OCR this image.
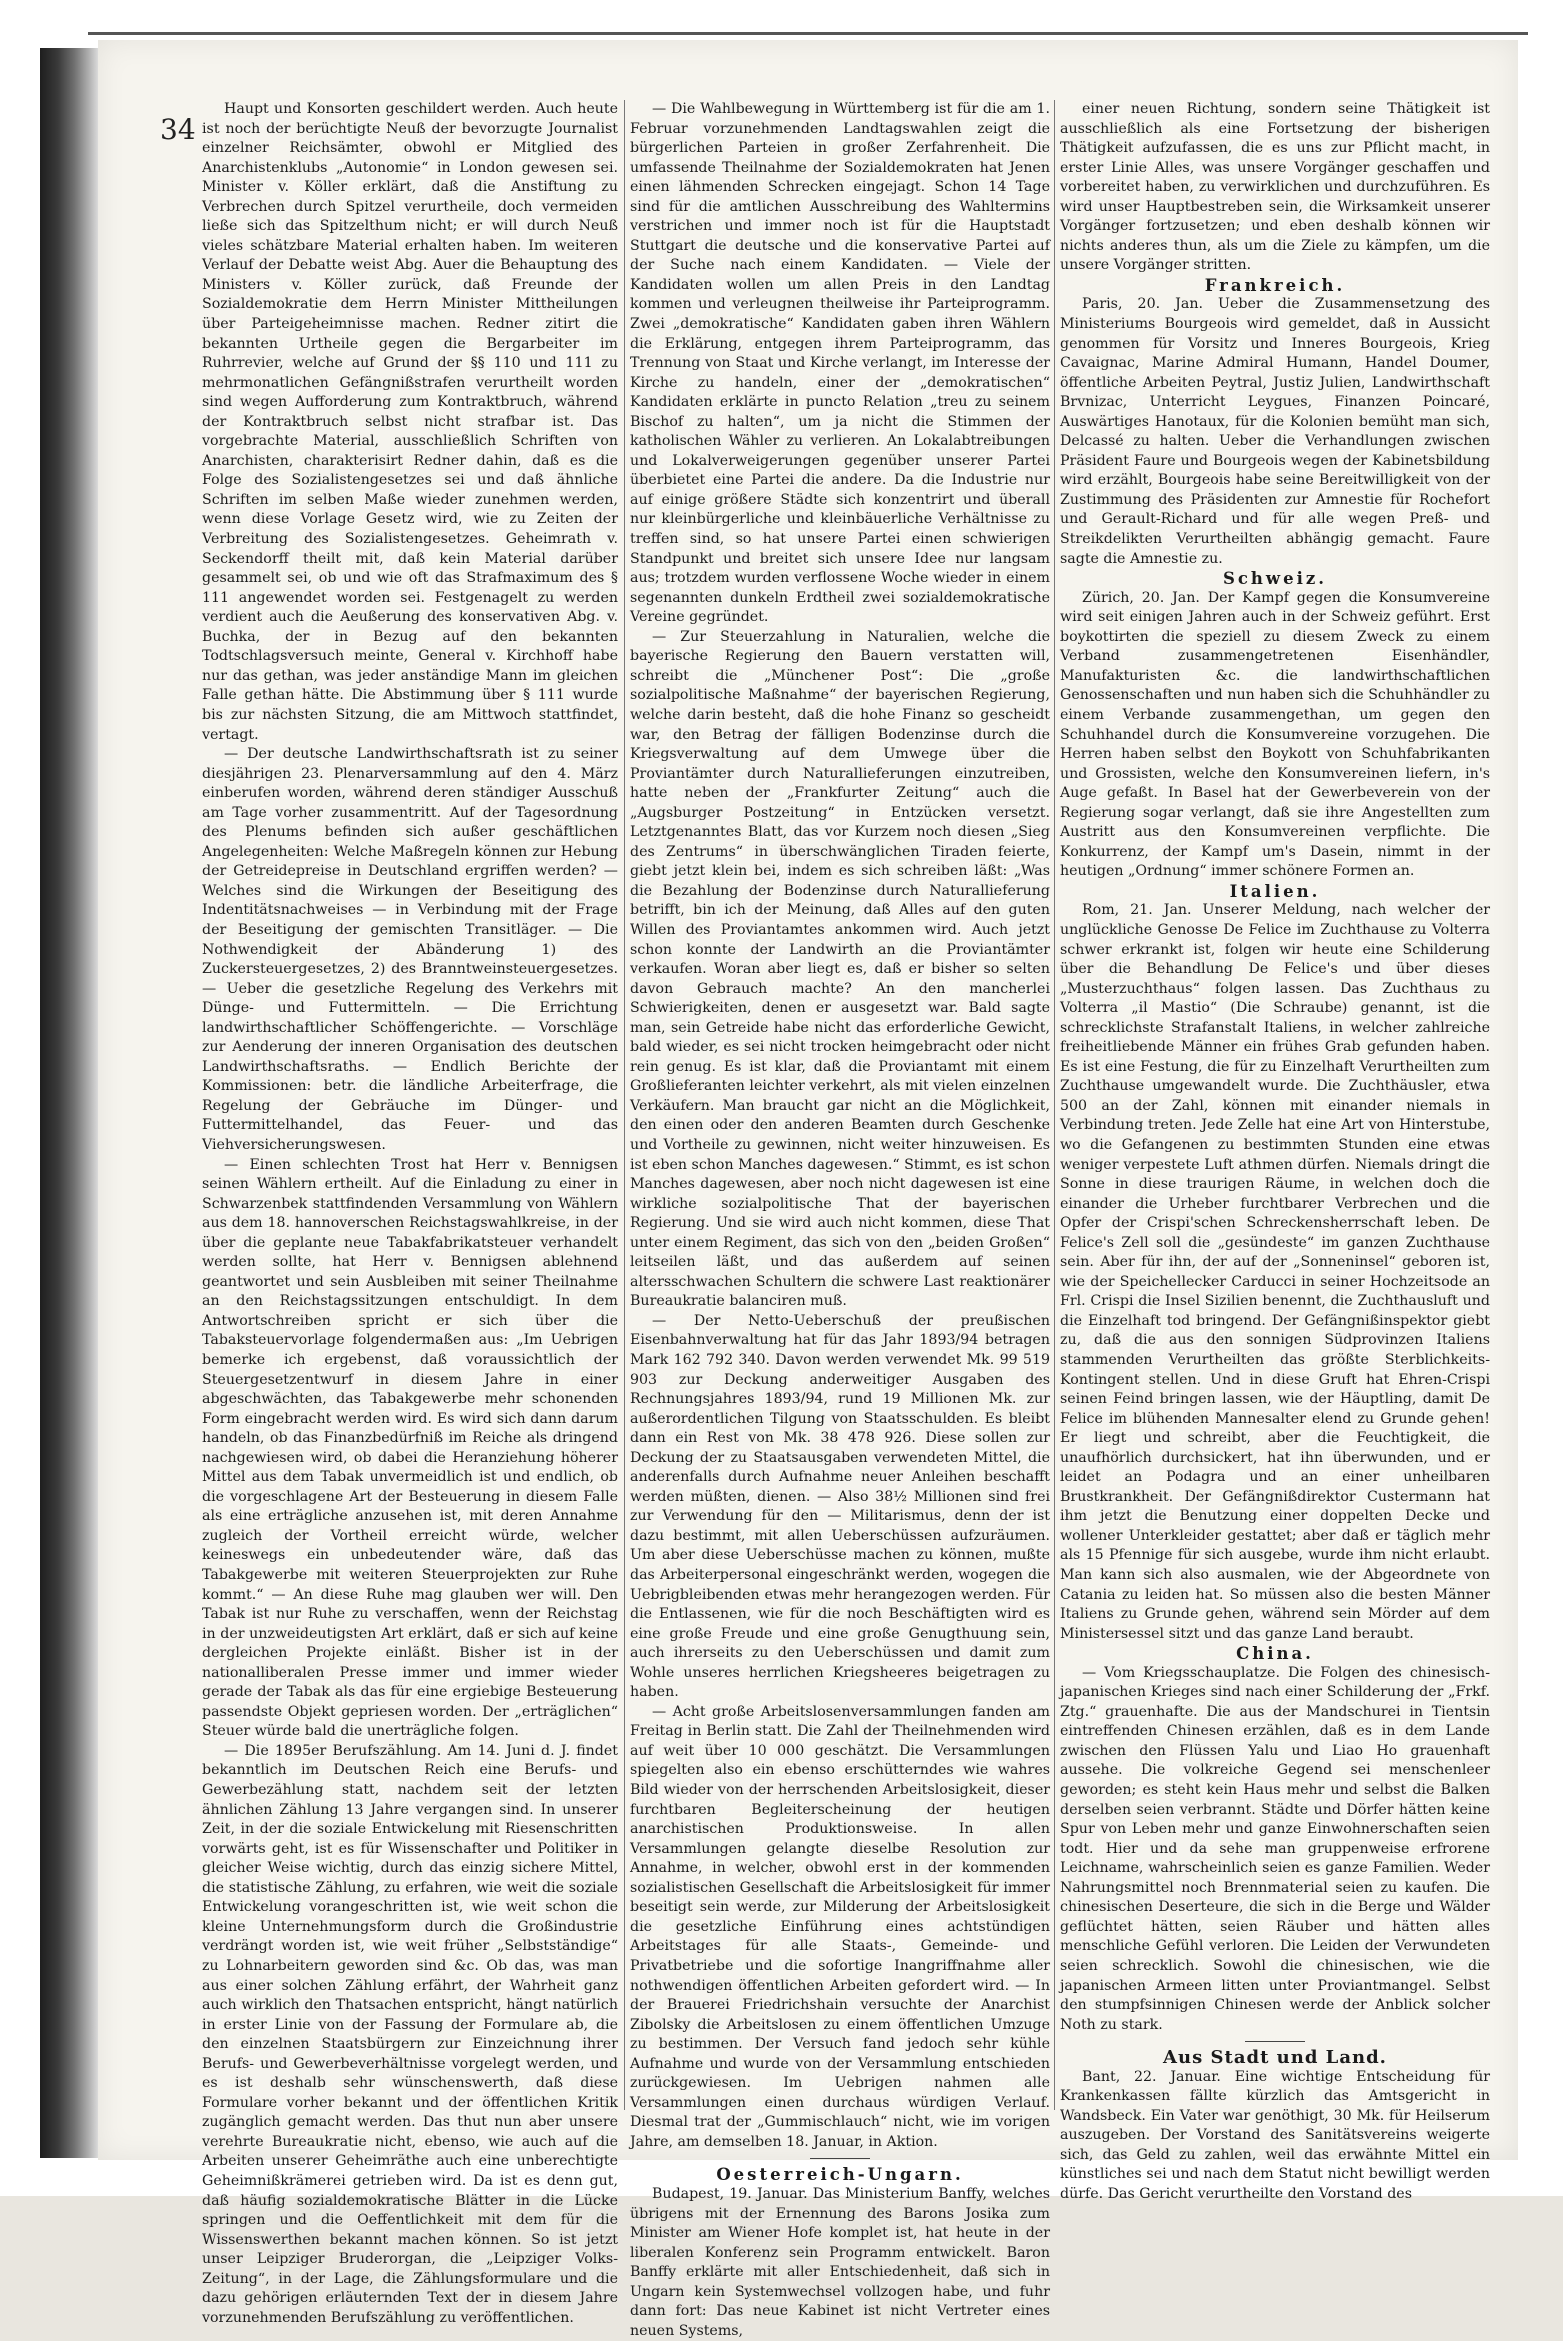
34

Haupt und Konsorten geschildert werden. Auch heute ist noch der berüchtigte Neuß der bevorzugte Journalist einzelner Reichsämter, obwohl er Mitglied des Anarchistenklubs „Autonomie“ in London gewesen sei. Minister v. Köller erklärt, daß die Anstiftung zu Verbrechen durch Spitzel verurtheile, doch vermeiden ließe sich das Spitzelthum nicht; er will durch Neuß vieles schätzbare Material erhalten haben. Im weiteren Verlauf der Debatte weist Abg. Auer die Behauptung des Ministers v. Köller zurück, daß Freunde der Sozialdemokratie dem Herrn Minister Mittheilungen über Parteigeheimnisse machen. Redner zitirt die bekannten Urtheile gegen die Bergarbeiter im Ruhrrevier, welche auf Grund der §§ 110 und 111 zu mehrmonatlichen Gefängnißstrafen verurtheilt worden sind wegen Aufforderung zum Kontraktbruch, während der Kontraktbruch selbst nicht strafbar ist. Das vorgebrachte Material, ausschließlich Schriften von Anarchisten, charakterisirt Redner dahin, daß es die Folge des Sozialistengesetzes sei und daß ähnliche Schriften im selben Maße wieder zunehmen werden, wenn diese Vorlage Gesetz wird, wie zu Zeiten der Verbreitung des Sozialistengesetzes. Geheimrath v. Seckendorff theilt mit, daß kein Material darüber gesammelt sei, ob und wie oft das Strafmaximum des § 111 angewendet worden sei. Festgenagelt zu werden verdient auch die Aeußerung des konservativen Abg. v. Buchka, der in Bezug auf den bekannten Todtschlagsversuch meinte, General v. Kirchhoff habe nur das gethan, was jeder anständige Mann im gleichen Falle gethan hätte. Die Abstimmung über § 111 wurde bis zur nächsten Sitzung, die am Mittwoch stattfindet, vertagt.

— Der deutsche Landwirthschaftsrath ist zu seiner diesjährigen 23. Plenarversammlung auf den 4. März einberufen worden, während deren ständiger Ausschuß am Tage vorher zusammentritt. Auf der Tagesordnung des Plenums befinden sich außer geschäftlichen Angelegenheiten: Welche Maßregeln können zur Hebung der Getreidepreise in Deutschland ergriffen werden? — Welches sind die Wirkungen der Beseitigung des Indentitätsnachweises — in Verbindung mit der Frage der Beseitigung der gemischten Transitläger. — Die Nothwendigkeit der Abänderung 1) des Zuckersteuergesetzes, 2) des Branntweinsteuergesetzes. — Ueber die gesetzliche Regelung des Verkehrs mit Dünge- und Futtermitteln. — Die Errichtung landwirthschaftlicher Schöffengerichte. — Vorschläge zur Aenderung der inneren Organisation des deutschen Landwirthschaftsraths. — Endlich Berichte der Kommissionen: betr. die ländliche Arbeiterfrage, die Regelung der Gebräuche im Dünger- und Futtermittelhandel, das Feuer- und das Viehversicherungswesen.

— Einen schlechten Trost hat Herr v. Bennigsen seinen Wählern ertheilt. Auf die Einladung zu einer in Schwarzenbek stattfindenden Versammlung von Wählern aus dem 18. hannoverschen Reichstagswahlkreise, in der über die geplante neue Tabakfabrikatsteuer verhandelt werden sollte, hat Herr v. Bennigsen ablehnend geantwortet und sein Ausbleiben mit seiner Theilnahme an den Reichstagssitzungen entschuldigt. In dem Antwortschreiben spricht er sich über die Tabaksteuervorlage folgendermaßen aus: „Im Uebrigen bemerke ich ergebenst, daß voraussichtlich der Steuergesetzentwurf in diesem Jahre in einer abgeschwächten, das Tabakgewerbe mehr schonenden Form eingebracht werden wird. Es wird sich dann darum handeln, ob das Finanzbedürfniß im Reiche als dringend nachgewiesen wird, ob dabei die Heranziehung höherer Mittel aus dem Tabak unvermeidlich ist und endlich, ob die vorgeschlagene Art der Besteuerung in diesem Falle als eine erträgliche anzusehen ist, mit deren Annahme zugleich der Vortheil erreicht würde, welcher keineswegs ein unbedeutender wäre, daß das Tabakgewerbe mit weiteren Steuerprojekten zur Ruhe kommt.“ — An diese Ruhe mag glauben wer will. Den Tabak ist nur Ruhe zu verschaffen, wenn der Reichstag in der unzweideutigsten Art erklärt, daß er sich auf keine dergleichen Projekte einläßt. Bisher ist in der nationalliberalen Presse immer und immer wieder gerade der Tabak als das für eine ergiebige Besteuerung passendste Objekt gepriesen worden. Der „erträglichen“ Steuer würde bald die unerträgliche folgen.

— Die 1895er Berufszählung. Am 14. Juni d. J. findet bekanntlich im Deutschen Reich eine Berufs- und Gewerbezählung statt, nachdem seit der letzten ähnlichen Zählung 13 Jahre vergangen sind. In unserer Zeit, in der die soziale Entwickelung mit Riesenschritten vorwärts geht, ist es für Wissenschafter und Politiker in gleicher Weise wichtig, durch das einzig sichere Mittel, die statistische Zählung, zu erfahren, wie weit die soziale Entwickelung vorangeschritten ist, wie weit schon die kleine Unternehmungsform durch die Großindustrie verdrängt worden ist, wie weit früher „Selbstständige“ zu Lohnarbeitern geworden sind &c. Ob das, was man aus einer solchen Zählung erfährt, der Wahrheit ganz auch wirklich den Thatsachen entspricht, hängt natürlich in erster Linie von der Fassung der Formulare ab, die den einzelnen Staatsbürgern zur Einzeichnung ihrer Berufs- und Gewerbeverhältnisse vorgelegt werden, und es ist deshalb sehr wünschenswerth, daß diese Formulare vorher bekannt und der öffentlichen Kritik zugänglich gemacht werden. Das thut nun aber unsere verehrte Bureaukratie nicht, ebenso, wie auch auf die Arbeiten unserer Geheimräthe auch eine unberechtigte Geheimnißkrämerei getrieben wird. Da ist es denn gut, daß häufig sozialdemokratische Blätter in die Lücke springen und die Oeffentlichkeit mit dem für die Wissenswerthen bekannt machen können. So ist jetzt unser Leipziger Bruderorgan, die „Leipziger Volks-Zeitung“, in der Lage, die Zählungsformulare und die dazu gehörigen erläuternden Text der in diesem Jahre vorzunehmenden Berufszählung zu veröffentlichen.

— Die Wahlbewegung in Württemberg ist für die am 1. Februar vorzunehmenden Landtagswahlen zeigt die bürgerlichen Parteien in großer Zerfahrenheit. Die umfassende Theilnahme der Sozialdemokraten hat Jenen einen lähmenden Schrecken eingejagt. Schon 14 Tage sind für die amtlichen Ausschreibung des Wahltermins verstrichen und immer noch ist für die Hauptstadt Stuttgart die deutsche und die konservative Partei auf der Suche nach einem Kandidaten. — Viele der Kandidaten wollen um allen Preis in den Landtag kommen und verleugnen theilweise ihr Parteiprogramm. Zwei „demokratische“ Kandidaten gaben ihren Wählern die Erklärung, entgegen ihrem Parteiprogramm, das Trennung von Staat und Kirche verlangt, im Interesse der Kirche zu handeln, einer der „demokratischen“ Kandidaten erklärte in puncto Relation „treu zu seinem Bischof zu halten“, um ja nicht die Stimmen der katholischen Wähler zu verlieren. An Lokalabtreibungen und Lokalverweigerungen gegenüber unserer Partei überbietet eine Partei die andere. Da die Industrie nur auf einige größere Städte sich konzentrirt und überall nur kleinbürgerliche und kleinbäuerliche Verhältnisse zu treffen sind, so hat unsere Partei einen schwierigen Standpunkt und breitet sich unsere Idee nur langsam aus; trotzdem wurden verflossene Woche wieder in einem segenannten dunkeln Erdtheil zwei sozialdemokratische Vereine gegründet.

— Zur Steuerzahlung in Naturalien, welche die bayerische Regierung den Bauern verstatten will, schreibt die „Münchener Post“: Die „große sozialpolitische Maßnahme“ der bayerischen Regierung, welche darin besteht, daß die hohe Finanz so gescheidt war, den Betrag der fälligen Bodenzinse durch die Kriegsverwaltung auf dem Umwege über die Proviantämter durch Naturallieferungen einzutreiben, hatte neben der „Frankfurter Zeitung“ auch die „Augsburger Postzeitung“ in Entzücken versetzt. Letztgenanntes Blatt, das vor Kurzem noch diesen „Sieg des Zentrums“ in überschwänglichen Tiraden feierte, giebt jetzt klein bei, indem es sich schreiben läßt: „Was die Bezahlung der Bodenzinse durch Naturallieferung betrifft, bin ich der Meinung, daß Alles auf den guten Willen des Proviantamtes ankommen wird. Auch jetzt schon konnte der Landwirth an die Proviantämter verkaufen. Woran aber liegt es, daß er bisher so selten davon Gebrauch machte? An den mancherlei Schwierigkeiten, denen er ausgesetzt war. Bald sagte man, sein Getreide habe nicht das erforderliche Gewicht, bald wieder, es sei nicht trocken heimgebracht oder nicht rein genug. Es ist klar, daß die Proviantamt mit einem Großlieferanten leichter verkehrt, als mit vielen einzelnen Verkäufern. Man braucht gar nicht an die Möglichkeit, den einen oder den anderen Beamten durch Geschenke und Vortheile zu gewinnen, nicht weiter hinzuweisen. Es ist eben schon Manches dagewesen.“ Stimmt, es ist schon Manches dagewesen, aber noch nicht dagewesen ist eine wirkliche sozialpolitische That der bayerischen Regierung. Und sie wird auch nicht kommen, diese That unter einem Regiment, das sich von den „beiden Großen“ leitseilen läßt, und das außerdem auf seinen altersschwachen Schultern die schwere Last reaktionärer Bureaukratie balanciren muß.

— Der Netto-Ueberschuß der preußischen Eisenbahnverwaltung hat für das Jahr 1893/94 betragen Mark 162 792 340. Davon werden verwendet Mk. 99 519 903 zur Deckung anderweitiger Ausgaben des Rechnungsjahres 1893/94, rund 19 Millionen Mk. zur außerordentlichen Tilgung von Staatsschulden. Es bleibt dann ein Rest von Mk. 38 478 926. Diese sollen zur Deckung der zu Staatsausgaben verwendeten Mittel, die anderenfalls durch Aufnahme neuer Anleihen beschafft werden müßten, dienen. — Also 38½ Millionen sind frei zur Verwendung für den — Militarismus, denn der ist dazu bestimmt, mit allen Ueberschüssen aufzuräumen. Um aber diese Ueberschüsse machen zu können, mußte das Arbeiterpersonal eingeschränkt werden, wogegen die Uebrigbleibenden etwas mehr herangezogen werden. Für die Entlassenen, wie für die noch Beschäftigten wird es eine große Freude und eine große Genugthuung sein, auch ihrerseits zu den Ueberschüssen und damit zum Wohle unseres herrlichen Kriegsheeres beigetragen zu haben.

— Acht große Arbeitslosenversammlungen fanden am Freitag in Berlin statt. Die Zahl der Theilnehmenden wird auf weit über 10 000 geschätzt. Die Versammlungen spiegelten also ein ebenso erschütterndes wie wahres Bild wieder von der herrschenden Arbeitslosigkeit, dieser furchtbaren Begleiterscheinung der heutigen anarchistischen Produktionsweise. In allen Versammlungen gelangte dieselbe Resolution zur Annahme, in welcher, obwohl erst in der kommenden sozialistischen Gesellschaft die Arbeitslosigkeit für immer beseitigt sein werde, zur Milderung der Arbeitslosigkeit die gesetzliche Einführung eines achtstündigen Arbeitstages für alle Staats-, Gemeinde- und Privatbetriebe und die sofortige Inangriffnahme aller nothwendigen öffentlichen Arbeiten gefordert wird. — In der Brauerei Friedrichshain versuchte der Anarchist Zibolsky die Arbeitslosen zu einem öffentlichen Umzuge zu bestimmen. Der Versuch fand jedoch sehr kühle Aufnahme und wurde von der Versammlung entschieden zurückgewiesen. Im Uebrigen nahmen alle Versammlungen einen durchaus würdigen Verlauf. Diesmal trat der „Gummischlauch“ nicht, wie im vorigen Jahre, am demselben 18. Januar, in Aktion.

Oesterreich-Ungarn.

Budapest, 19. Januar. Das Ministerium Banffy, welches übrigens mit der Ernennung des Barons Josika zum Minister am Wiener Hofe komplet ist, hat heute in der liberalen Konferenz sein Programm entwickelt. Baron Banffy erklärte mit aller Entschiedenheit, daß sich in Ungarn kein Systemwechsel vollzogen habe, und fuhr dann fort: Das neue Kabinet ist nicht Vertreter eines neuen Systems,

einer neuen Richtung, sondern seine Thätigkeit ist ausschließlich als eine Fortsetzung der bisherigen Thätigkeit aufzufassen, die es uns zur Pflicht macht, in erster Linie Alles, was unsere Vorgänger geschaffen und vorbereitet haben, zu verwirklichen und durchzuführen. Es wird unser Hauptbestreben sein, die Wirksamkeit unserer Vorgänger fortzusetzen; und eben deshalb können wir nichts anderes thun, als um die Ziele zu kämpfen, um die unsere Vorgänger stritten.

Frankreich.

Paris, 20. Jan. Ueber die Zusammensetzung des Ministeriums Bourgeois wird gemeldet, daß in Aussicht genommen für Vorsitz und Inneres Bourgeois, Krieg Cavaignac, Marine Admiral Humann, Handel Doumer, öffentliche Arbeiten Peytral, Justiz Julien, Landwirthschaft Brvnizac, Unterricht Leygues, Finanzen Poincaré, Auswärtiges Hanotaux, für die Kolonien bemüht man sich, Delcassé zu halten. Ueber die Verhandlungen zwischen Präsident Faure und Bourgeois wegen der Kabinetsbildung wird erzählt, Bourgeois habe seine Bereitwilligkeit von der Zustimmung des Präsidenten zur Amnestie für Rochefort und Gerault-Richard und für alle wegen Preß- und Streikdelikten Verurtheilten abhängig gemacht. Faure sagte die Amnestie zu.

Schweiz.

Zürich, 20. Jan. Der Kampf gegen die Konsumvereine wird seit einigen Jahren auch in der Schweiz geführt. Erst boykottirten die speziell zu diesem Zweck zu einem Verband zusammengetretenen Eisenhändler, Manufakturisten &c. die landwirthschaftlichen Genossenschaften und nun haben sich die Schuhhändler zu einem Verbande zusammengethan, um gegen den Schuhhandel durch die Konsumvereine vorzugehen. Die Herren haben selbst den Boykott von Schuhfabrikanten und Grossisten, welche den Konsumvereinen liefern, in's Auge gefaßt. In Basel hat der Gewerbeverein von der Regierung sogar verlangt, daß sie ihre Angestellten zum Austritt aus den Konsumvereinen verpflichte. Die Konkurrenz, der Kampf um's Dasein, nimmt in der heutigen „Ordnung“ immer schönere Formen an.

Italien.

Rom, 21. Jan. Unserer Meldung, nach welcher der unglückliche Genosse De Felice im Zuchthause zu Volterra schwer erkrankt ist, folgen wir heute eine Schilderung über die Behandlung De Felice's und über dieses „Musterzuchthaus“ folgen lassen. Das Zuchthaus zu Volterra „il Mastio“ (Die Schraube) genannt, ist die schrecklichste Strafanstalt Italiens, in welcher zahlreiche freiheitliebende Männer ein frühes Grab gefunden haben. Es ist eine Festung, die für zu Einzelhaft Verurtheilten zum Zuchthause umgewandelt wurde. Die Zuchthäusler, etwa 500 an der Zahl, können mit einander niemals in Verbindung treten. Jede Zelle hat eine Art von Hinterstube, wo die Gefangenen zu bestimmten Stunden eine etwas weniger verpestete Luft athmen dürfen. Niemals dringt die Sonne in diese traurigen Räume, in welchen doch die einander die Urheber furchtbarer Verbrechen und die Opfer der Crispi'schen Schreckensherrschaft leben. De Felice's Zell soll die „gesündeste“ im ganzen Zuchthause sein. Aber für ihn, der auf der „Sonneninsel“ geboren ist, wie der Speichellecker Carducci in seiner Hochzeitsode an Frl. Crispi die Insel Sizilien benennt, die Zuchthausluft und die Einzelhaft tod bringend. Der Gefängnißinspektor giebt zu, daß die aus den sonnigen Südprovinzen Italiens stammenden Verurtheilten das größte Sterblichkeits-Kontingent stellen. Und in diese Gruft hat Ehren-Crispi seinen Feind bringen lassen, wie der Häuptling, damit De Felice im blühenden Mannesalter elend zu Grunde gehen! Er liegt und schreibt, aber die Feuchtigkeit, die unaufhörlich durchsickert, hat ihn überwunden, und er leidet an Podagra und an einer unheilbaren Brustkrankheit. Der Gefängnißdirektor Custermann hat ihm jetzt die Benutzung einer doppelten Decke und wollener Unterkleider gestattet; aber daß er täglich mehr als 15 Pfennige für sich ausgebe, wurde ihm nicht erlaubt. Man kann sich also ausmalen, wie der Abgeordnete von Catania zu leiden hat. So müssen also die besten Männer Italiens zu Grunde gehen, während sein Mörder auf dem Ministersessel sitzt und das ganze Land beraubt.

China.

— Vom Kriegsschauplatze. Die Folgen des chinesisch-japanischen Krieges sind nach einer Schilderung der „Frkf. Ztg.“ grauenhafte. Die aus der Mandschurei in Tientsin eintreffenden Chinesen erzählen, daß es in dem Lande zwischen den Flüssen Yalu und Liao Ho grauenhaft aussehe. Die volkreiche Gegend sei menschenleer geworden; es steht kein Haus mehr und selbst die Balken derselben seien verbrannt. Städte und Dörfer hätten keine Spur von Leben mehr und ganze Einwohnerschaften seien todt. Hier und da sehe man gruppenweise erfrorene Leichname, wahrscheinlich seien es ganze Familien. Weder Nahrungsmittel noch Brennmaterial seien zu kaufen. Die chinesischen Deserteure, die sich in die Berge und Wälder geflüchtet hätten, seien Räuber und hätten alles menschliche Gefühl verloren. Die Leiden der Verwundeten seien schrecklich. Sowohl die chinesischen, wie die japanischen Armeen litten unter Proviantmangel. Selbst den stumpfsinnigen Chinesen werde der Anblick solcher Noth zu stark.

Aus Stadt und Land.

Bant, 22. Januar. Eine wichtige Entscheidung für Krankenkassen fällte kürzlich das Amtsgericht in Wandsbeck. Ein Vater war genöthigt, 30 Mk. für Heilserum auszugeben. Der Vorstand des Sanitätsvereins weigerte sich, das Geld zu zahlen, weil das erwähnte Mittel ein künstliches sei und nach dem Statut nicht bewilligt werden dürfe. Das Gericht verurtheilte den Vorstand des
